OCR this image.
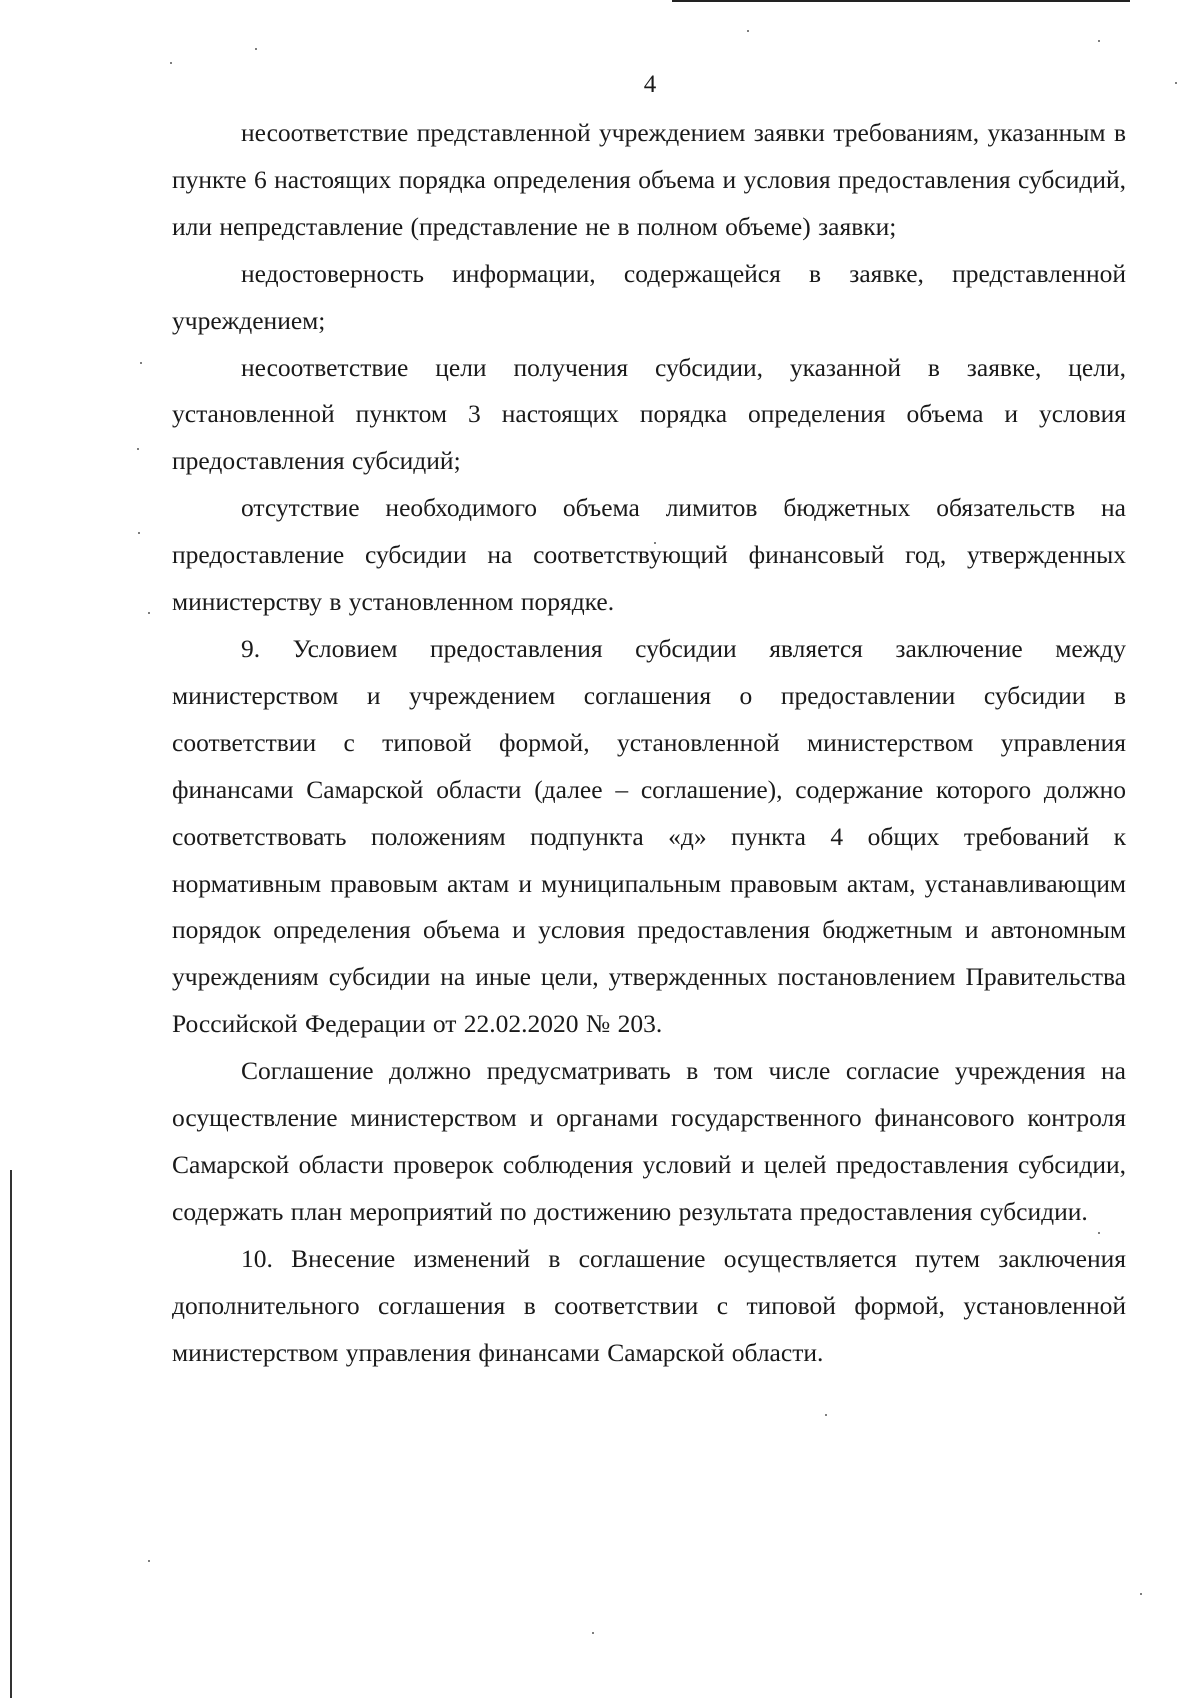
4

несоответствие представленной учреждением заявки требованиям, указанным в пункте 6 настоящих порядка определения объема и условия предоставления субсидий, или непредставление (представление не в полном объеме) заявки;

недостоверность информации, содержащейся в заявке, представленной учреждением;

несоответствие цели получения субсидии, указанной в заявке, цели, установленной пунктом 3 настоящих порядка определения объема и условия предоставления субсидий;

отсутствие необходимого объема лимитов бюджетных обязательств на предоставление субсидии на соответствующий финансовый год, утвержденных министерству в установленном порядке.

9. Условием предоставления субсидии является заключение между министерством и учреждением соглашения о предоставлении субсидии в соответствии с типовой формой, установленной министерством управления финансами Самарской области (далее – соглашение), содержание которого должно соответствовать положениям подпункта «д» пункта 4 общих требований к нормативным правовым актам и муниципальным правовым актам, устанавливающим порядок определения объема и условия предоставления бюджетным и автономным учреждениям субсидии на иные цели, утвержденных постановлением Правительства Российской Федерации от 22.02.2020 № 203.

Соглашение должно предусматривать в том числе согласие учреждения на осуществление министерством и органами государственного финансового контроля Самарской области проверок соблюдения условий и целей предоставления субсидии, содержать план мероприятий по достижению результата предоставления субсидии.

10. Внесение изменений в соглашение осуществляется путем заключения дополнительного соглашения в соответствии с типовой формой, установленной министерством управления финансами Самарской области.
